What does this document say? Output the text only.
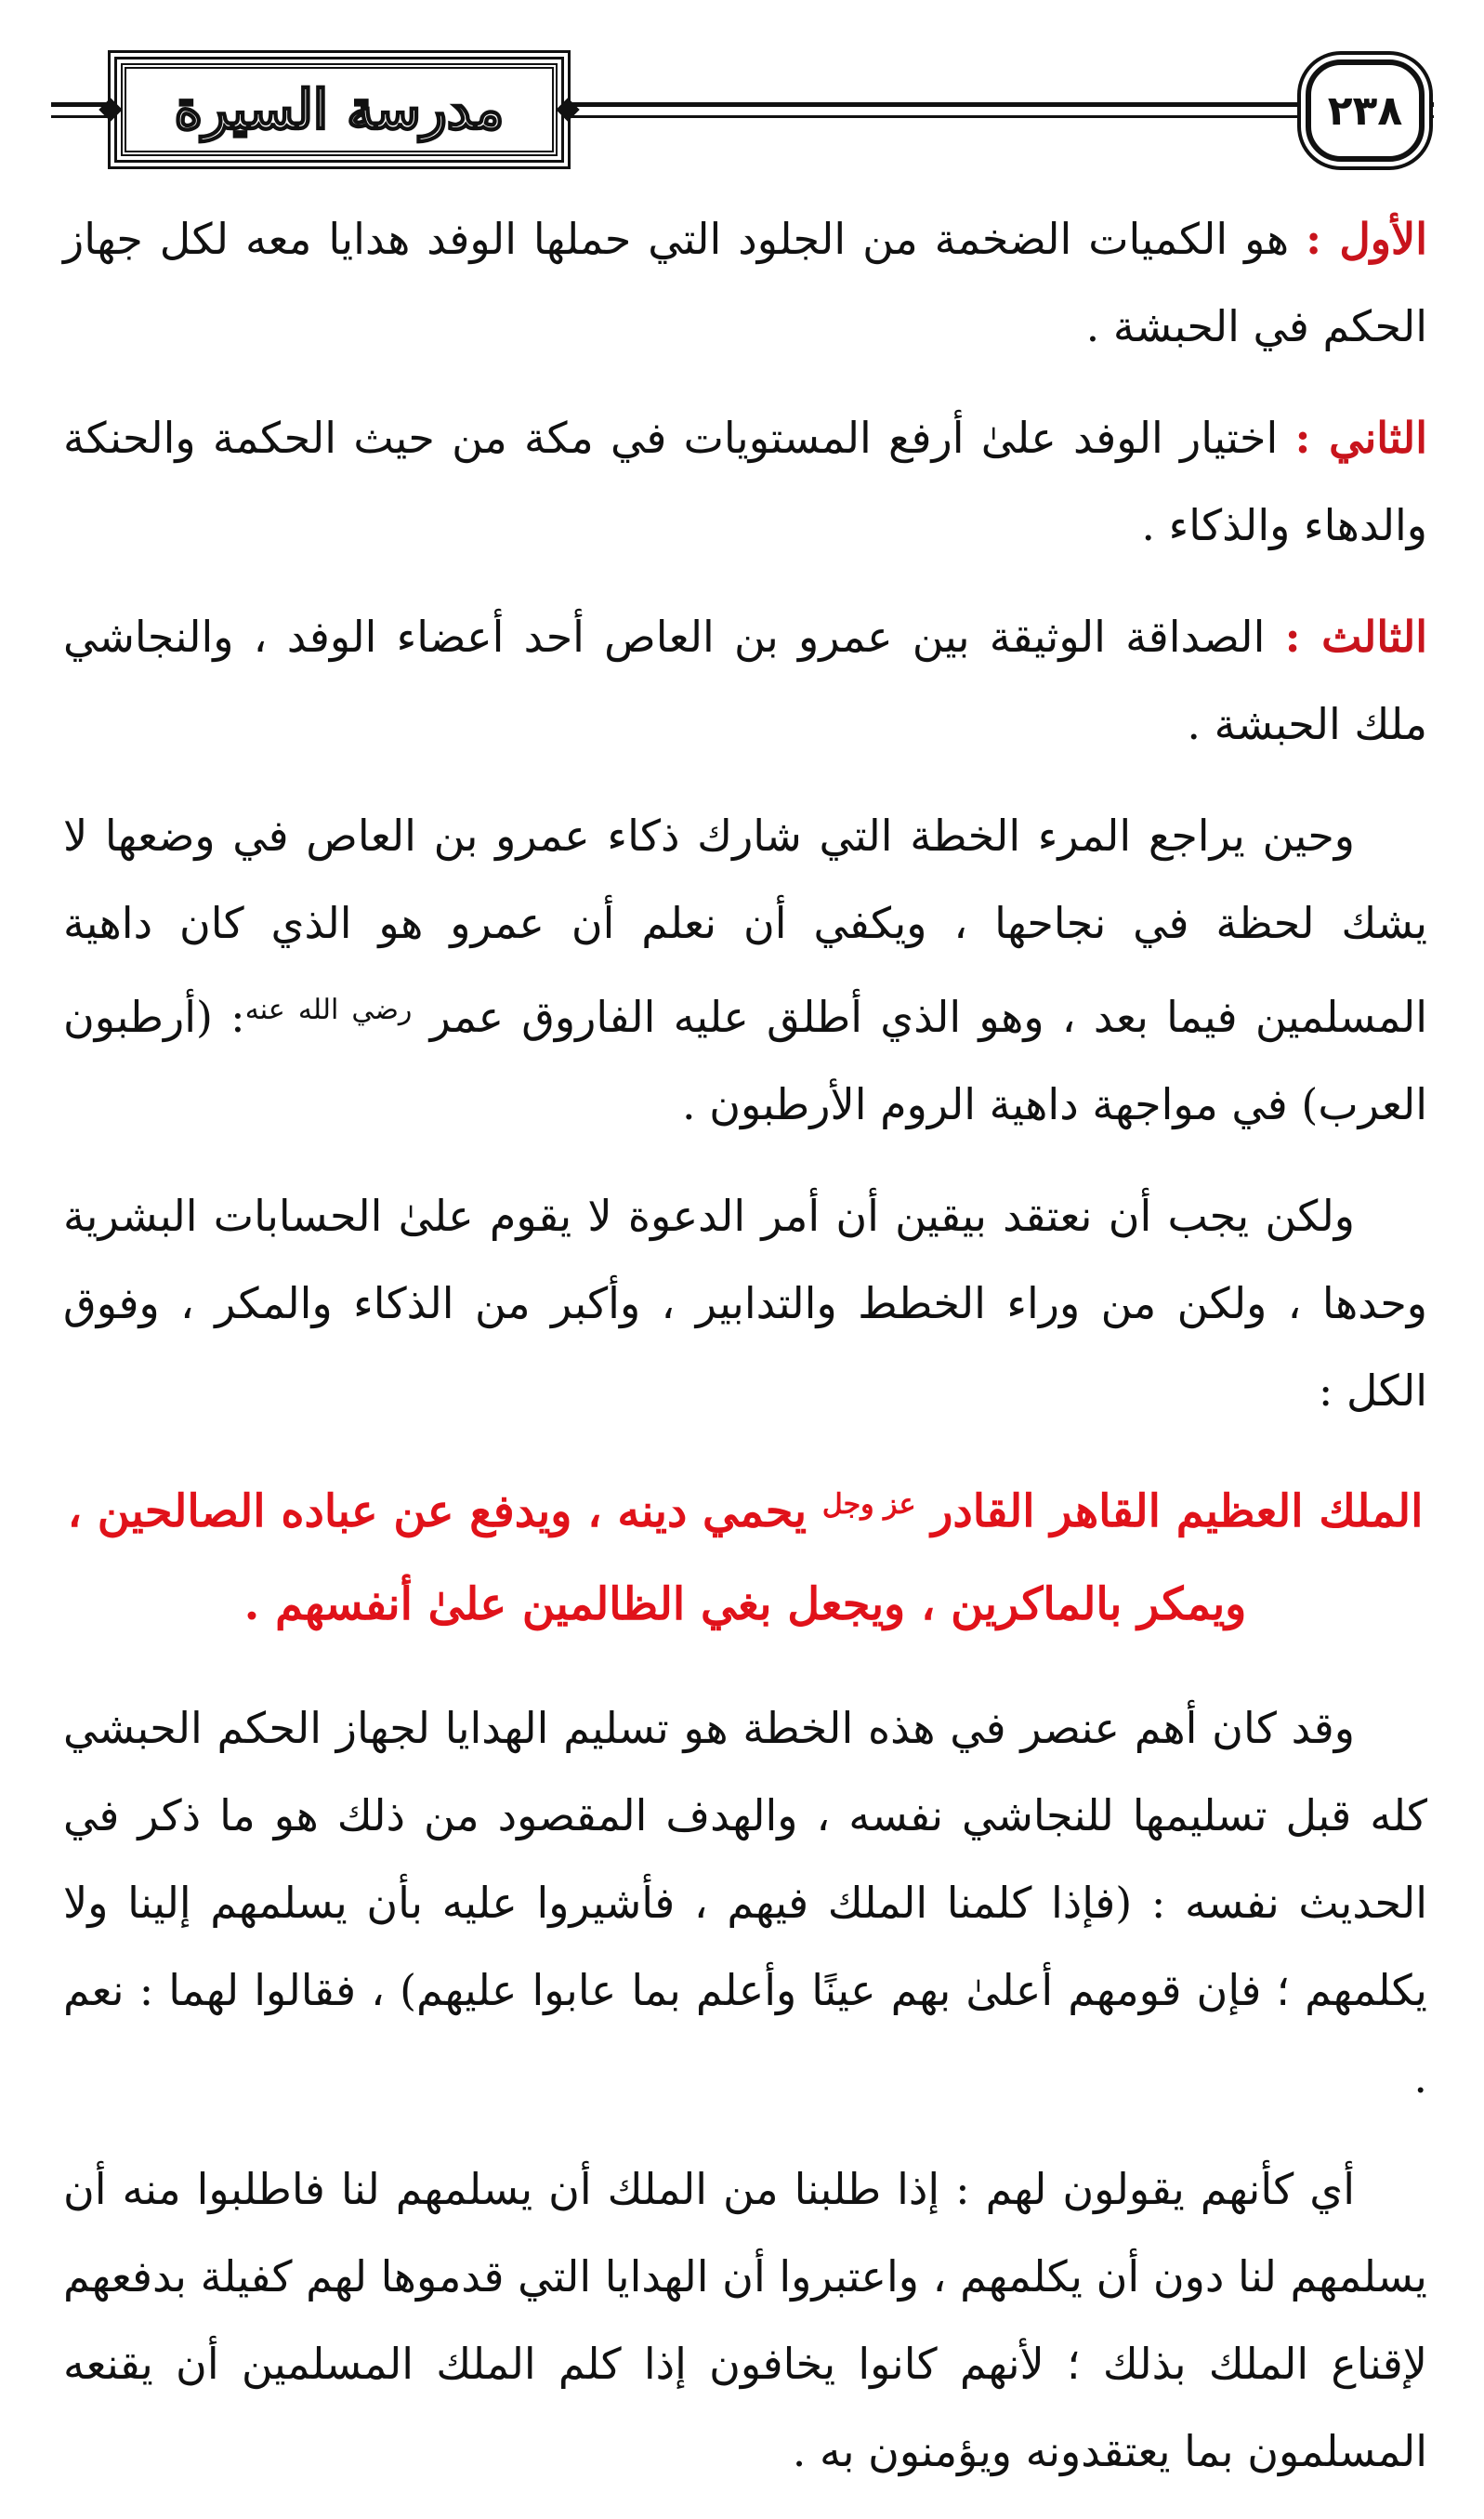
مدرسة السيرة	٢٣٨

الأول : هو الكميات الضخمة من الجلود التي حملها الوفد هدايا معه لكل جهاز الحكم في الحبشة .

الثاني : اختيار الوفد علىٰ أرفع المستويات في مكة من حيث الحكمة والحنكة والدهاء والذكاء .

الثالث : الصداقة الوثيقة بين عمرو بن العاص أحد أعضاء الوفد ، والنجاشي ملك الحبشة .

وحين يراجع المرء الخطة التي شارك ذكاء عمرو بن العاص في وضعها لا يشك لحظة في نجاحها ، ويكفي أن نعلم أن عمرو هو الذي كان داهية المسلمين فيما بعد ، وهو الذي أطلق عليه الفاروق عمر $^{رضي الله عنه}$: (أرطبون العرب) في مواجهة داهية الروم الأرطبون .

ولكن يجب أن نعتقد بيقين أن أمر الدعوة لا يقوم علىٰ الحسابات البشرية وحدها ، ولكن من وراء الخطط والتدابير ، وأكبر من الذكاء والمكر ، وفوق الكل :

الملك العظيم القاهر القادر $^{عز وجل}$ يحمي دينه ، ويدفع عن عباده الصالحين ،
ويمكر بالماكرين ، ويجعل بغي الظالمين علىٰ أنفسهم .

وقد كان أهم عنصر في هذه الخطة هو تسليم الهدايا لجهاز الحكم الحبشي كله قبل تسليمها للنجاشي نفسه ، والهدف المقصود من ذلك هو ما ذكر في الحديث نفسه : (فإذا كلمنا الملك فيهم ، فأشيروا عليه بأن يسلمهم إلينا ولا يكلمهم ؛ فإن قومهم أعلىٰ بهم عينًا وأعلم بما عابوا عليهم) ، فقالوا لهما : نعم .

أي كأنهم يقولون لهم : إذا طلبنا من الملك أن يسلمهم لنا فاطلبوا منه أن يسلمهم لنا دون أن يكلمهم ، واعتبروا أن الهدايا التي قدموها لهم كفيلة بدفعهم لإقناع الملك بذلك ؛ لأنهم كانوا يخافون إذا كلم الملك المسلمين أن يقنعه المسلمون بما يعتقدونه ويؤمنون به .
